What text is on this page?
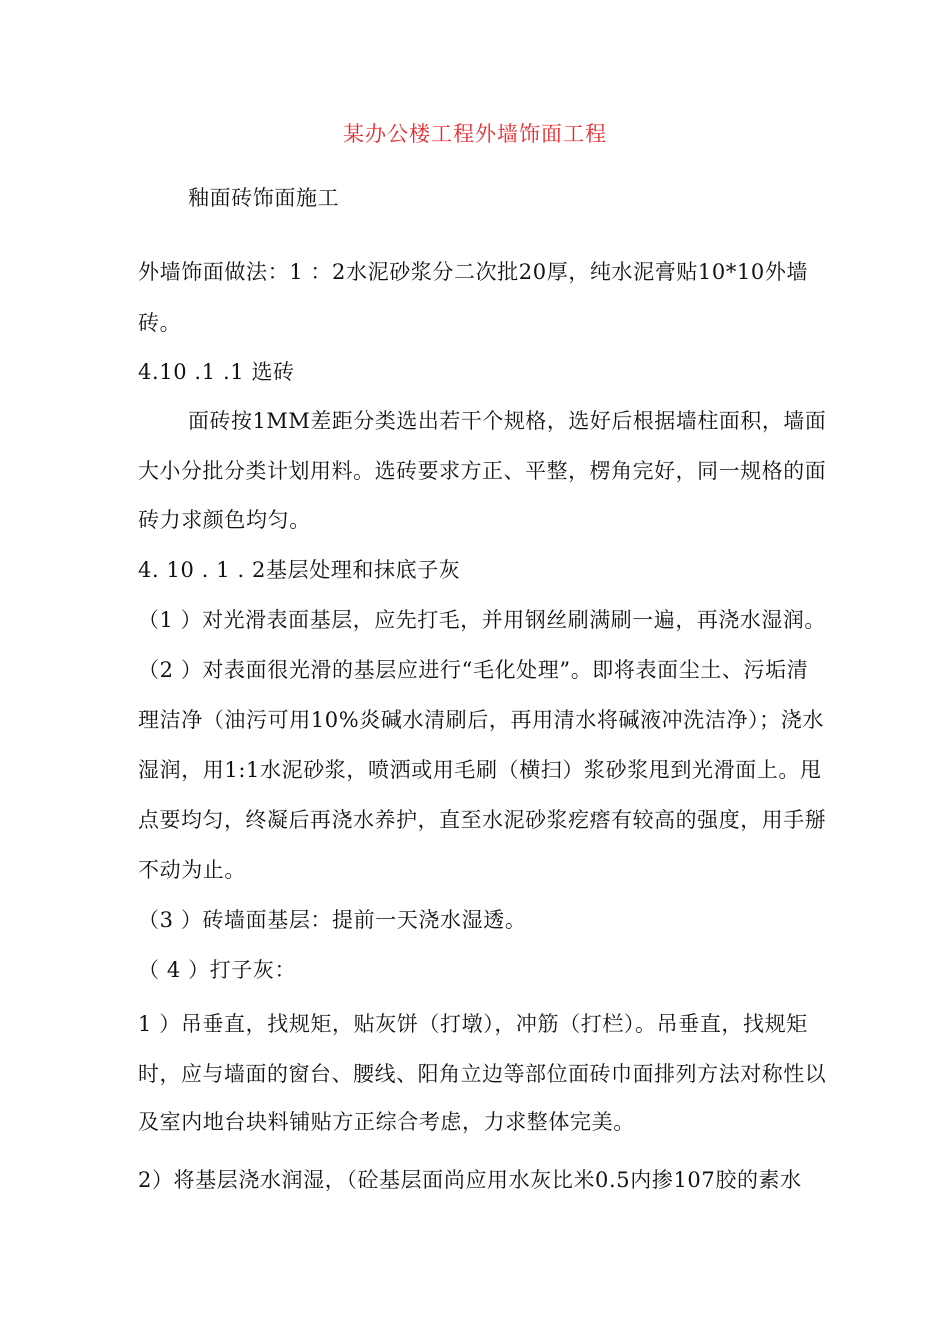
某办公楼工程外墙饰面工程
釉面砖饰面施工
外墙饰面做法：1 ：2水泥砂浆分二次批20厚，纯水泥膏贴10*10外墙
砖。
4.10 .1 .1 选砖
面砖按1MM差距分类选出若干个规格，选好后根据墙柱面积，墙面
大小分批分类计划用料。选砖要求方正、平整，楞角完好，同一规格的面
砖力求颜色均匀。
4. 10 . 1 . 2基层处理和抹底子灰
（1 ）对光滑表面基层，应先打毛，并用钢丝刷满刷一遍，再浇水湿润。
（2 ）对表面很光滑的基层应进行“毛化处理”。即将表面尘土、污垢清
理洁净（油污可用10%炎碱水清刷后，再用清水将碱液冲洗洁净）；浇水
湿润，用1:1水泥砂浆，喷洒或用毛刷（横扫）浆砂浆甩到光滑面上。甩
点要均匀，终凝后再浇水养护，直至水泥砂浆疙瘩有较高的强度，用手掰
不动为止。
（3 ）砖墙面基层：提前一天浇水湿透。
（ 4 ）打子灰：
1 ）吊垂直，找规矩，贴灰饼（打墩），冲筋（打栏）。吊垂直，找规矩
时，应与墙面的窗台、腰线、阳角立边等部位面砖巾面排列方法对称性以
及室内地台块料铺贴方正综合考虑，力求整体完美。
2）将基层浇水润湿，（砼基层面尚应用水灰比米0.5内掺107胶的素水
